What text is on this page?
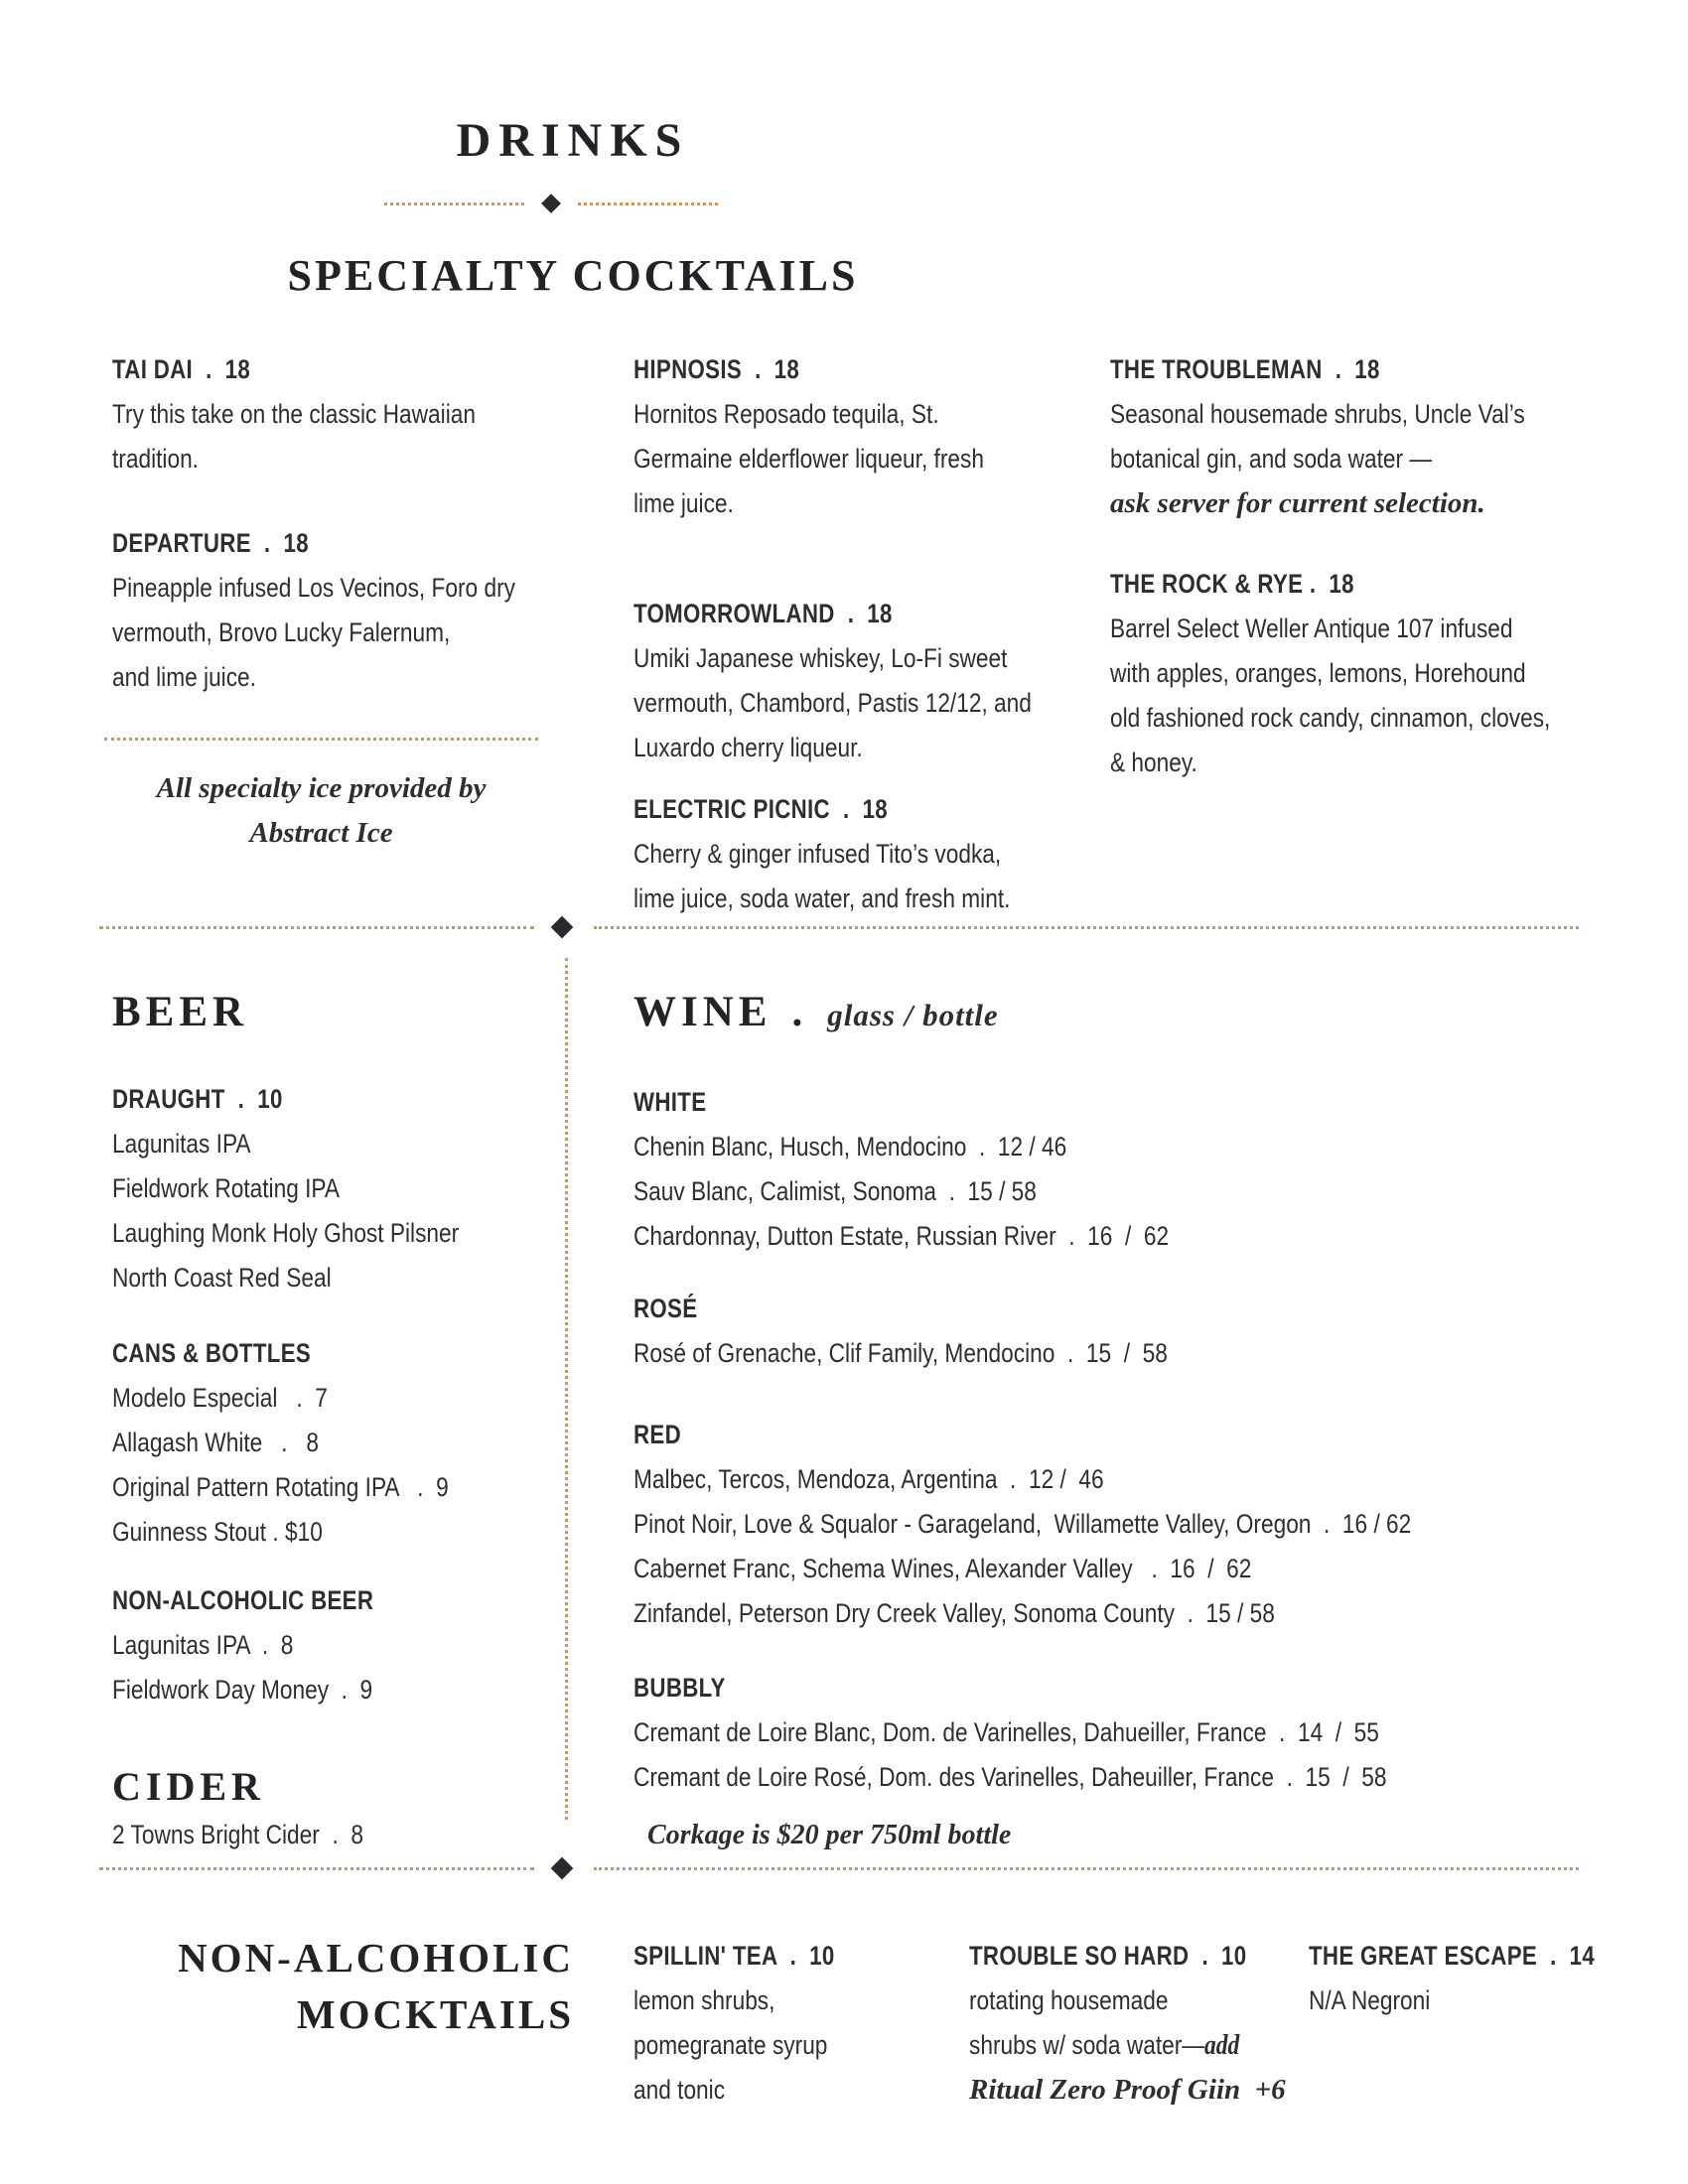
DRINKS
SPECIALTY COCKTAILS
TAI DAI  .  18
Try this take on the classic Hawaiian
tradition.
DEPARTURE  .  18
Pineapple infused Los Vecinos, Foro dry
vermouth, Brovo Lucky Falernum,
and lime juice.
All specialty ice provided by
Abstract Ice
HIPNOSIS  .  18
Hornitos Reposado tequila, St.
Germaine elderflower liqueur, fresh
lime juice.
TOMORROWLAND  .  18
Umiki Japanese whiskey, Lo-Fi sweet
vermouth, Chambord, Pastis 12/12, and
Luxardo cherry liqueur.
ELECTRIC PICNIC  .  18
Cherry & ginger infused Tito’s vodka,
lime juice, soda water, and fresh mint.
THE TROUBLEMAN  .  18
Seasonal housemade shrubs, Uncle Val’s
botanical gin, and soda water —
ask server for current selection.
THE ROCK & RYE .  18
Barrel Select Weller Antique 107 infused
with apples, oranges, lemons, Horehound
old fashioned rock candy, cinnamon, cloves,
& honey.
BEER
DRAUGHT  .  10
Lagunitas IPA
Fieldwork Rotating IPA
Laughing Monk Holy Ghost Pilsner
North Coast Red Seal
CANS & BOTTLES
Modelo Especial   .  7
Allagash White   .   8
Original Pattern Rotating IPA   .  9
Guinness Stout . $10
NON-ALCOHOLIC BEER
Lagunitas IPA  .  8
Fieldwork Day Money  .  9
CIDER
2 Towns Bright Cider  .  8
WINE . glass / bottle
WHITE
Chenin Blanc, Husch, Mendocino  .  12 / 46
Sauv Blanc, Calimist, Sonoma  .  15 / 58
Chardonnay, Dutton Estate, Russian River  .  16  /  62
ROSÉ
Rosé of Grenache, Clif Family, Mendocino  .  15  /  58
RED
Malbec, Tercos, Mendoza, Argentina  .  12 /  46
Pinot Noir, Love & Squalor - Garageland,  Willamette Valley, Oregon  .  16 / 62
Cabernet Franc, Schema Wines, Alexander Valley   .  16  /  62
Zinfandel, Peterson Dry Creek Valley, Sonoma County  .  15 / 58
BUBBLY
Cremant de Loire Blanc, Dom. de Varinelles, Dahueiller, France  .  14  /  55
Cremant de Loire Rosé, Dom. des Varinelles, Daheuiller, France  .  15  /  58
Corkage is $20 per 750ml bottle
NON-ALCOHOLIC
MOCKTAILS
SPILLIN' TEA  .  10
lemon shrubs,
pomegranate syrup
and tonic
TROUBLE SO HARD  .  10
rotating housemade
shrubs w/ soda water—add
Ritual Zero Proof Giin  +6
THE GREAT ESCAPE  .  14
N/A Negroni
